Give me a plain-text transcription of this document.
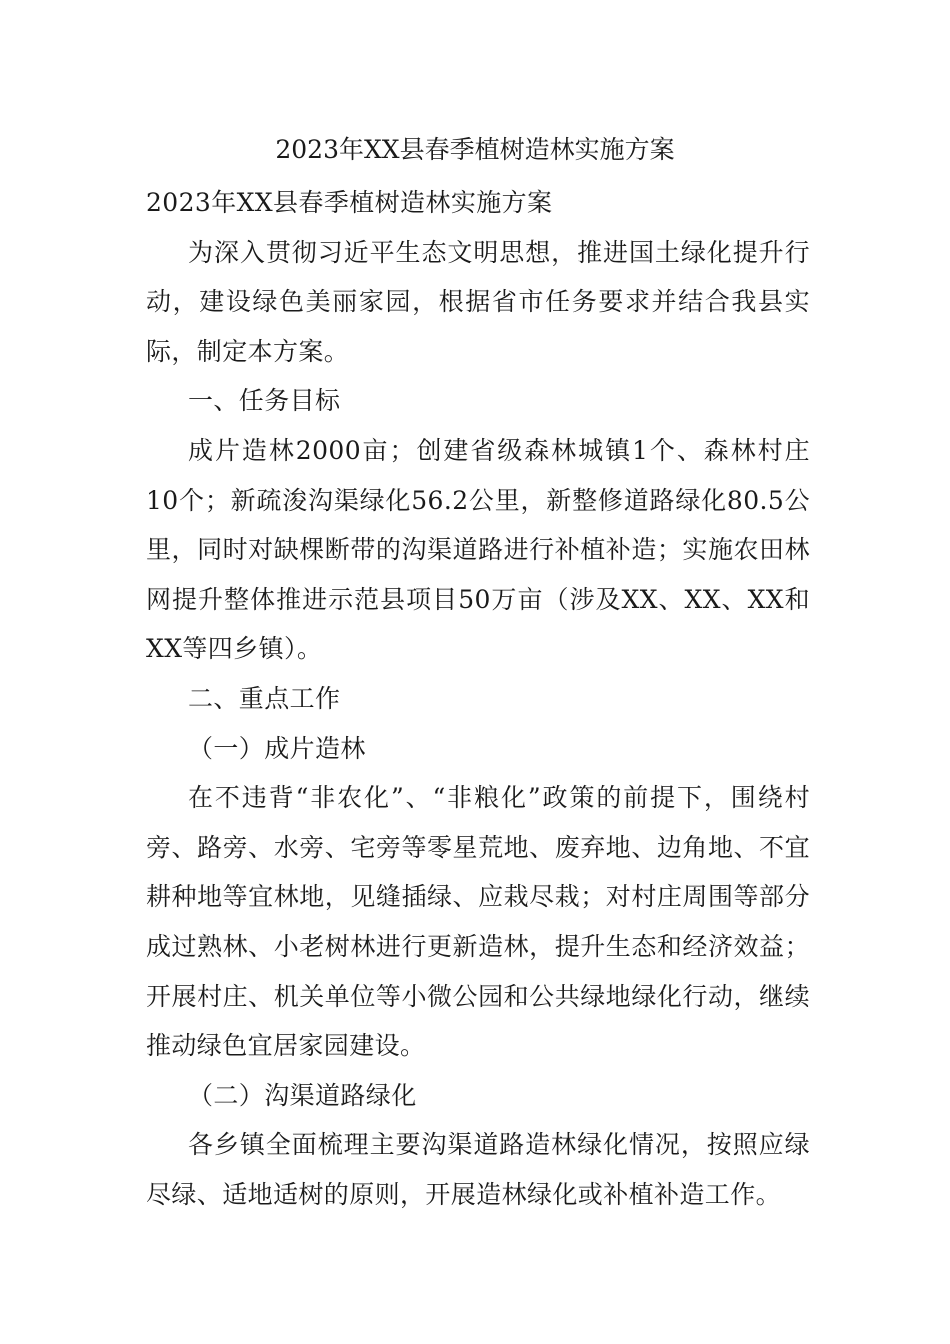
2023年XX县春季植树造林实施方案

2023年XX县春季植树造林实施方案

为深入贯彻习近平生态文明思想，推进国土绿化提升行动，建设绿色美丽家园，根据省市任务要求并结合我县实际，制定本方案。

一、任务目标

成片造林2000亩；创建省级森林城镇1个、森林村庄10个；新疏浚沟渠绿化56.2公里，新整修道路绿化80.5公里，同时对缺棵断带的沟渠道路进行补植补造；实施农田林网提升整体推进示范县项目50万亩（涉及XX、XX、XX和XX等四乡镇）。

二、重点工作

（一）成片造林

在不违背“非农化”、“非粮化”政策的前提下，围绕村旁、路旁、水旁、宅旁等零星荒地、废弃地、边角地、不宜耕种地等宜林地，见缝插绿、应栽尽栽；对村庄周围等部分成过熟林、小老树林进行更新造林，提升生态和经济效益；开展村庄、机关单位等小微公园和公共绿地绿化行动，继续推动绿色宜居家园建设。

（二）沟渠道路绿化

各乡镇全面梳理主要沟渠道路造林绿化情况，按照应绿尽绿、适地适树的原则，开展造林绿化或补植补造工作。
